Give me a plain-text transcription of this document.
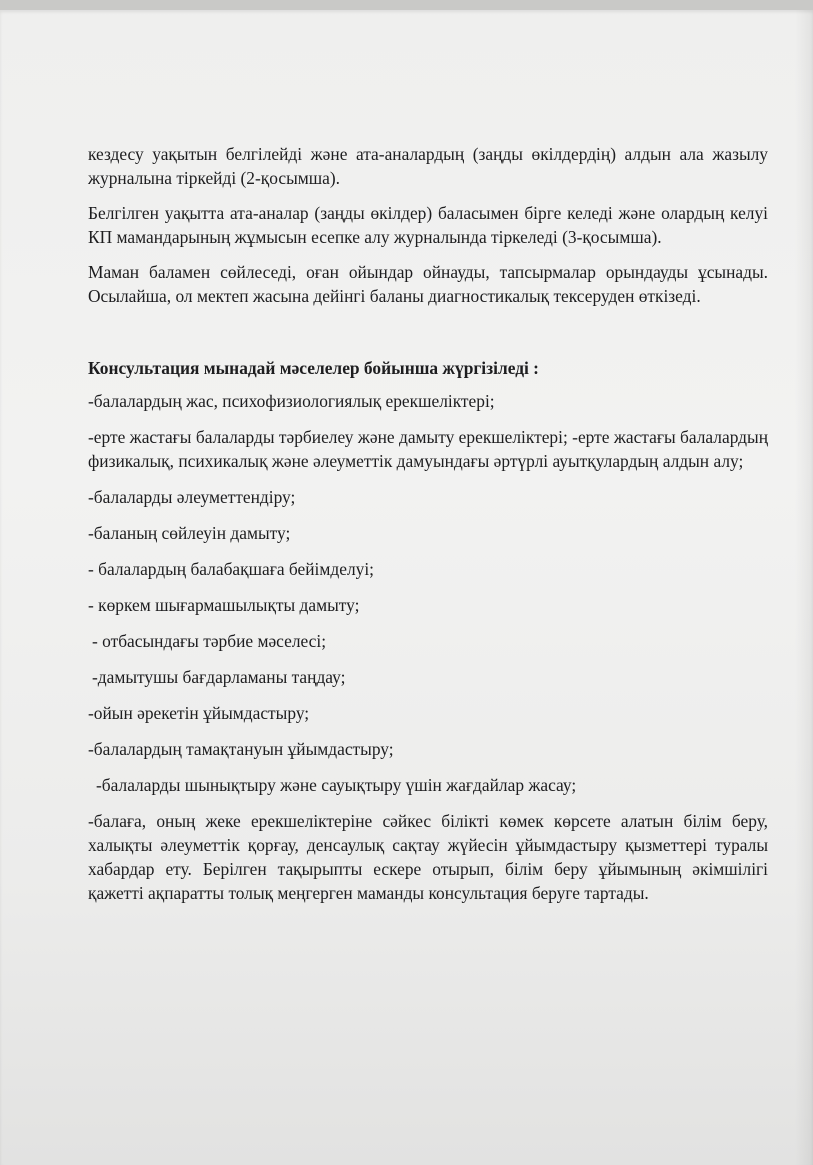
кездесу уақытын белгілейді және ата-аналардың (заңды өкілдердің) алдын ала жазылу журналына тіркейді (2-қосымша).

Белгілген уақытта ата-аналар (заңды өкілдер) баласымен бірге келеді және олардың келуі КП мамандарының жұмысын есепке алу журналында тіркеледі (3-қосымша).

Маман баламен сөйлеседі, оған ойындар ойнауды, тапсырмалар орындауды ұсынады. Осылайша, ол мектеп жасына дейінгі баланы диагностикалық тексеруден өткізеді.

Консультация мынадай мәселелер бойынша жүргізіледі :

-балалардың жас, психофизиологиялық ерекшеліктері;

-ерте жастағы балаларды тәрбиелеу және дамыту ерекшеліктері; -ерте жастағы балалардың физикалық, психикалық және әлеуметтік дамуындағы әртүрлі ауытқулардың алдын алу;

-балаларды әлеуметтендіру;

-баланың сөйлеуін дамыту;

- балалардың балабақшаға бейімделуі;

- көркем шығармашылықты дамыту;

- отбасындағы тәрбие мәселесі;

-дамытушы бағдарламаны таңдау;

-ойын әрекетін ұйымдастыру;

-балалардың тамақтануын ұйымдастыру;

-балаларды шынықтыру және сауықтыру үшін жағдайлар жасау;

-балаға, оның жеке ерекшеліктеріне сәйкес білікті көмек көрсете алатын білім беру, халықты әлеуметтік қорғау, денсаулық сақтау жүйесін ұйымдастыру қызметтері туралы хабардар ету. Берілген тақырыпты ескере отырып, білім беру ұйымының әкімшілігі қажетті ақпаратты толық меңгерген маманды консультация беруге тартады.
